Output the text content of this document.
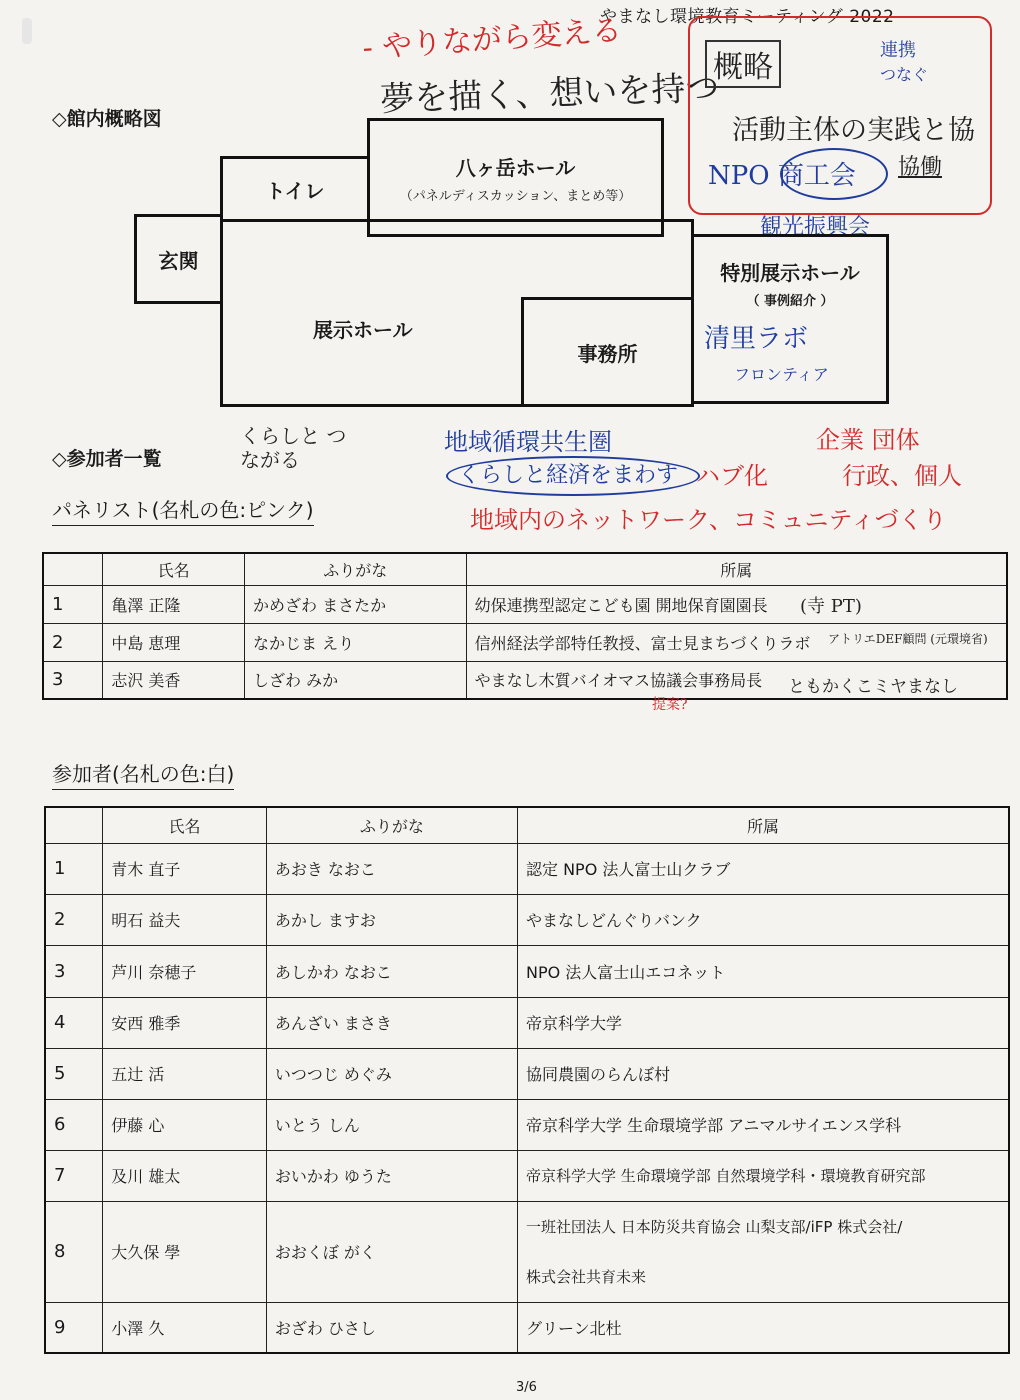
やまなし環境教育ミーティング 2022
- やりながら変える
夢を描く、想いを持つ
概略	連携
つなぐ
活動主体の実践と協
NPO 商工会 協働
観光振興会
◇館内概略図
八ヶ岳ホール
（パネルディスカッション、まとめ等）
トイレ
玄関
展示ホール
事務所
特別展示ホール
（ 事例紹介 ）
清里ラボ
フロンティア
◇参加者一覧
くらしと つながる
地域循環共生圏
くらしと経済をまわす ハブ化
企業 団体
行政、個人
地域内のネットワーク、コミュニティづくり
パネリスト(名札の色:ピンク)
	氏名	ふりがな	所属
1	亀澤 正隆	かめざわ まさたか	幼保連携型認定こども園 開地保育園園長
2	中島 恵理	なかじま えり	信州経法学部特任教授、富士見まちづくりラボ
3	志沢 美香	しざわ みか	やまなし木質バイオマス協議会事務局長
(寺 PT)
アトリエDEF顧問 (元環境省)
ともかくこミヤまなし
提案?
参加者(名札の色:白)
	氏名	ふりがな	所属
1	青木 直子	あおき なおこ	認定 NPO 法人富士山クラブ
2	明石 益夫	あかし ますお	やまなしどんぐりバンク
3	芦川 奈穂子	あしかわ なおこ	NPO 法人富士山エコネット
4	安西 雅季	あんざい まさき	帝京科学大学
5	五辻 活	いつつじ めぐみ	協同農園のらんぼ村
6	伊藤 心	いとう しん	帝京科学大学 生命環境学部 アニマルサイエンス学科
7	及川 雄太	おいかわ ゆうた	帝京科学大学 生命環境学部 自然環境学科・環境教育研究部
8	大久保 學	おおくぼ がく	一班社団法人 日本防災共育協会 山梨支部/iFP 株式会社/
株式会社共育未来

9	小澤 久	おざわ ひさし	グリーン北杜
3/6
